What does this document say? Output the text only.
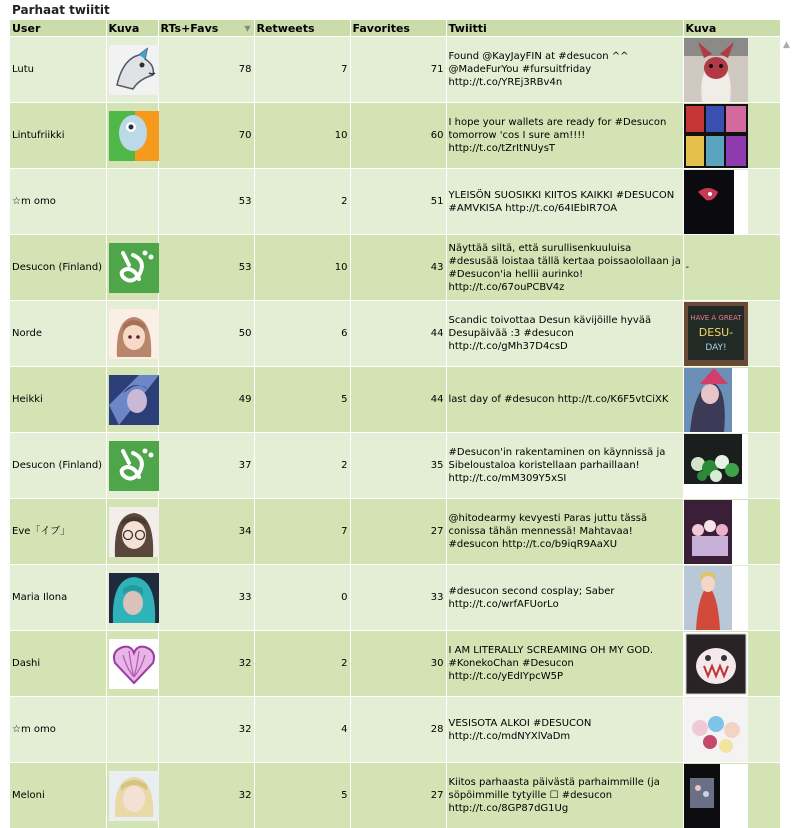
Parhaat twiitit
User	Kuva	RTs+Favs ▼	Retweets	Favorites	Twiitti	Kuva
Lutu		78	7	71	Found @KayJayFIN at #desucon ^^ @MadeFurYou #fursuitfriday http://t.co/YREj3RBv4n	

Lintufriikki		70	10	60	I hope your wallets are ready for #Desucon tomorrow 'cos I sure am!!!! http://t.co/tZrItNUysT	

☆m omo		53	2	51	YLEISÖN SUOSIKKI KIITOS KAIKKI #DESUCON #AMVKISA http://t.co/64IEbIR7OA	

Desucon (Finland)		53	10	43	Näyttää siltä, että surullisenkuuluisa #desusää loistaa tällä kertaa poissaolollaan ja #Desucon'ia hellii aurinko! http://t.co/67ouPCBV4z	-
Norde		50	6	44	Scandic toivottaa Desun kävijöille hyvää Desupäivää :3 #desucon http://t.co/gMh37D4csD	HAVE A GREAT
DESU-
DAY!

Heikki		49	5	44	last day of #desucon http://t.co/K6F5vtCiXK	

Desucon (Finland)		37	2	35	#Desucon'in rakentaminen on käynnissä ja Sibeloustaloa koristellaan parhaillaan! http://t.co/mM309Y5xSI	

Eve「イブ」		34	7	27	@hitodearmy kevyesti Paras juttu tässä conissa tähän mennessä! Mahtavaa! #desucon http://t.co/b9iqR9AaXU	

Maria Ilona		33	0	33	#desucon second cosplay; Saber http://t.co/wrfAFUorLo	

Dashi		32	2	30	I AM LITERALLY SCREAMING OH MY GOD. #KonekoChan #Desucon http://t.co/yEdIYpcW5P	

☆m omo		32	4	28	VESISOTA ALKOI #DESUCON http://t.co/mdNYXlVaDm	

Meloni		32	5	27	Kiitos parhaasta päivästä parhaimmille (ja söpöimmille tytyille ☐ #desucon http://t.co/8GP87dG1Ug	
▲
